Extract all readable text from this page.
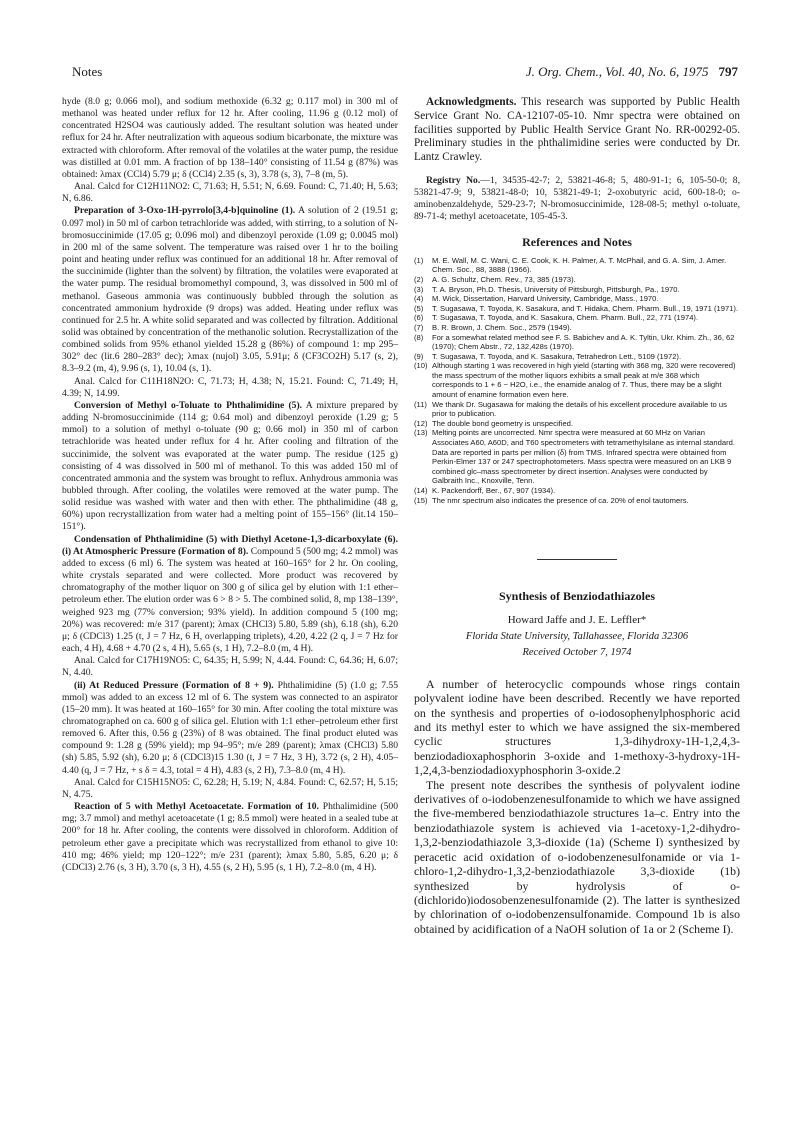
Notes	J. Org. Chem., Vol. 40, No. 6, 1975 797

hyde (8.0 g; 0.066 mol), and sodium methoxide (6.32 g; 0.117 mol) in 300 ml of methanol was heated under reflux for 12 hr. After cooling, 11.96 g (0.12 mol) of concentrated H2SO4 was cautiously added. The resultant solution was heated under reflux for 24 hr. After neutralization with aqueous sodium bicarbonate, the mixture was extracted with chloroform. After removal of the volatiles at the water pump, the residue was distilled at 0.01 mm. A fraction of bp 138–140° consisting of 11.54 g (87%) was obtained: λmax (CCl4) 5.79 μ; δ (CCl4) 2.35 (s, 3), 3.78 (s, 3), 7–8 (m, 5).

Anal. Calcd for C12H11NO2: C, 71.63; H, 5.51; N, 6.69. Found: C, 71.40; H, 5.63; N, 6.86.

Preparation of 3-Oxo-1H-pyrrolo[3,4-b]quinoline (1). A solution of 2 (19.51 g; 0.097 mol) in 50 ml of carbon tetrachloride was added, with stirring, to a solution of N-bromosuccinimide (17.05 g; 0.096 mol) and dibenzoyl peroxide (1.09 g; 0.0045 mol) in 200 ml of the same solvent. The temperature was raised over 1 hr to the boiling point and heating under reflux was continued for an additional 18 hr. After removal of the succinimide (lighter than the solvent) by filtration, the volatiles were evaporated at the water pump. The residual bromomethyl compound, 3, was dissolved in 500 ml of methanol. Gaseous ammonia was continuously bubbled through the solution as concentrated ammonium hydroxide (9 drops) was added. Heating under reflux was continued for 2.5 hr. A white solid separated and was collected by filtration. Additional solid was obtained by concentration of the methanolic solution. Recrystallization of the combined solids from 95% ethanol yielded 15.28 g (86%) of compound 1: mp 295–302° dec (lit.6 280–283° dec); λmax (nujol) 3.05, 5.91μ; δ (CF3CO2H) 5.17 (s, 2), 8.3–9.2 (m, 4), 9.96 (s, 1), 10.04 (s, 1).

Anal. Calcd for C11H18N2O: C, 71.73; H, 4.38; N, 15.21. Found: C, 71.49; H, 4.39; N, 14.99.

Conversion of Methyl o-Toluate to Phthalimidine (5). A mixture prepared by adding N-bromosuccinimide (114 g; 0.64 mol) and dibenzoyl peroxide (1.29 g; 5 mmol) to a solution of methyl o-toluate (90 g; 0.66 mol) in 350 ml of carbon tetrachloride was heated under reflux for 4 hr. After cooling and filtration of the succinimide, the solvent was evaporated at the water pump. The residue (125 g) consisting of 4 was dissolved in 500 ml of methanol. To this was added 150 ml of concentrated ammonia and the system was brought to reflux. Anhydrous ammonia was bubbled through. After cooling, the volatiles were removed at the water pump. The solid residue was washed with water and then with ether. The phthalimidine (48 g, 60%) upon recrystallization from water had a melting point of 155–156° (lit.14 150–151°).

Condensation of Phthalimidine (5) with Diethyl Acetone-1,3-dicarboxylate (6). (i) At Atmospheric Pressure (Formation of 8). Compound 5 (500 mg; 4.2 mmol) was added to excess (6 ml) 6. The system was heated at 160–165° for 2 hr. On cooling, white crystals separated and were collected. More product was recovered by chromatography of the mother liquor on 300 g of silica gel by elution with 1:1 ether–petroleum ether. The elution order was 6 > 8 > 5. The combined solid, 8, mp 138–139°, weighed 923 mg (77% conversion; 93% yield). In addition compound 5 (100 mg; 20%) was recovered: m/e 317 (parent); λmax (CHCl3) 5.80, 5.89 (sh), 6.18 (sh), 6.20 μ; δ (CDCl3) 1.25 (t, J = 7 Hz, 6 H, overlapping triplets), 4.20, 4.22 (2 q, J = 7 Hz for each, 4 H), 4.68 + 4.70 (2 s, 4 H), 5.65 (s, 1 H), 7.2–8.0 (m, 4 H).

Anal. Calcd for C17H19NO5: C, 64.35; H, 5.99; N, 4.44. Found: C, 64.36; H, 6.07; N, 4.40.

(ii) At Reduced Pressure (Formation of 8 + 9). Phthalimidine (5) (1.0 g; 7.55 mmol) was added to an excess 12 ml of 6. The system was connected to an aspirator (15–20 mm). It was heated at 160–165° for 30 min. After cooling the total mixture was chromatographed on ca. 600 g of silica gel. Elution with 1:1 ether–petroleum ether first removed 6. After this, 0.56 g (23%) of 8 was obtained. The final product eluted was compound 9: 1.28 g (59% yield); mp 94–95°; m/e 289 (parent); λmax (CHCl3) 5.80 (sh) 5.85, 5.92 (sh), 6.20 μ; δ (CDCl3)15 1.30 (t, J = 7 Hz, 3 H), 3.72 (s, 2 H), 4.05–4.40 (q, J = 7 Hz, + s δ = 4.3, total = 4 H), 4.83 (s, 2 H), 7.3–8.0 (m, 4 H).

Anal. Calcd for C15H15NO5: C, 62.28; H, 5.19; N, 4.84. Found: C, 62.57; H, 5.15; N, 4.75.

Reaction of 5 with Methyl Acetoacetate. Formation of 10. Phthalimidine (500 mg; 3.7 mmol) and methyl acetoacetate (1 g; 8.5 mmol) were heated in a sealed tube at 200° for 18 hr. After cooling, the contents were dissolved in chloroform. Addition of petroleum ether gave a precipitate which was recrystallized from ethanol to give 10: 410 mg; 46% yield; mp 120–122°; m/e 231 (parent); λmax 5.80, 5.85, 6.20 μ; δ (CDCl3) 2.76 (s, 3 H), 3.70 (s, 3 H), 4.55 (s, 2 H), 5.95 (s, 1 H), 7.2–8.0 (m, 4 H).

Acknowledgments. This research was supported by Public Health Service Grant No. CA-12107-05-10. Nmr spectra were obtained on facilities supported by Public Health Service Grant No. RR-00292-05. Preliminary studies in the phthalimidine series were conducted by Dr. Lantz Crawley.

Registry No.—1, 34535-42-7; 2, 53821-46-8; 5, 480-91-1; 6, 105-50-0; 8, 53821-47-9; 9, 53821-48-0; 10, 53821-49-1; 2-oxobutyric acid, 600-18-0; o-aminobenzaldehyde, 529-23-7; N-bromosuccinimide, 128-08-5; methyl o-toluate, 89-71-4; methyl acetoacetate, 105-45-3.

References and Notes
(1) M. E. Wall, M. C. Wani, C. E. Cook, K. H. Palmer, A. T. McPhail, and G. A. Sim, J. Amer. Chem. Soc., 88, 3888 (1966).
(2) A. G. Schultz, Chem. Rev., 73, 385 (1973).
(3) T. A. Bryson, Ph.D. Thesis, University of Pittsburgh, Pittsburgh, Pa., 1970.
(4) M. Wick, Dissertation, Harvard University, Cambridge, Mass., 1970.
(5) T. Sugasawa, T. Toyoda, K. Sasakura, and T. Hidaka, Chem. Pharm. Bull., 19, 1971 (1971).
(6) T. Sugasawa, T. Toyoda, and K. Sasakura, Chem. Pharm. Bull., 22, 771 (1974).
(7) B. R. Brown, J. Chem. Soc., 2579 (1949).
(8) For a somewhat related method see F. S. Babichev and A. K. Tyltin, Ukr. Khim. Zh., 36, 62 (1970); Chem Abstr., 72, 132,428s (1970).
(9) T. Sugasawa, T. Toyoda, and K. Sasakura, Tetrahedron Lett., 5109 (1972).
(10) Although starting 1 was recovered in high yield (starting with 368 mg, 320 were recovered) the mass spectrum of the mother liquors exhibits a small peak at m/e 368 which corresponds to 1 + 6 − H2O, i.e., the enamide analog of 7. Thus, there may be a slight amount of enamine formation even here.
(11) We thank Dr. Sugasawa for making the details of his excellent procedure available to us prior to publication.
(12) The double bond geometry is unspecified.
(13) Melting points are uncorrected. Nmr spectra were measured at 60 MHz on Varian Associates A60, A60D, and T60 spectrometers with tetramethylsilane as internal standard. Data are reported in parts per million (δ) from TMS. Infrared spectra were obtained from Perkin-Elmer 137 or 247 spectrophotometers. Mass spectra were measured on an LKB 9 combined glc–mass spectrometer by direct insertion. Analyses were conducted by Galbraith Inc., Knoxville, Tenn.
(14) K. Packendorff, Ber., 67, 907 (1934).
(15) The nmr spectrum also indicates the presence of ca. 20% of enol tautomers.
Synthesis of Benziodathiazoles
Howard Jaffe and J. E. Leffler*
Florida State University, Tallahassee, Florida 32306
Received October 7, 1974

A number of heterocyclic compounds whose rings contain polyvalent iodine have been described. Recently we have reported on the synthesis and properties of o-iodosophenylphosphoric acid and its methyl ester to which we have assigned the six-membered cyclic structures 1,3-dihydroxy-1H-1,2,4,3-benziodadioxaphosphorin 3-oxide and 1-methoxy-3-hydroxy-1H-1,2,4,3-benziodadioxyphosphorin 3-oxide.2

The present note describes the synthesis of polyvalent iodine derivatives of o-iodobenzenesulfonamide to which we have assigned the five-membered benziodathiazole structures 1a–c. Entry into the benziodathiazole system is achieved via 1-acetoxy-1,2-dihydro-1,3,2-benziodathiazole 3,3-dioxide (1a) (Scheme I) synthesized by peracetic acid oxidation of o-iodobenzenesulfonamide or via 1-chloro-1,2-dihydro-1,3,2-benziodathiazole 3,3-dioxide (1b) synthesized by hydrolysis of o-(dichlorido)iodosobenzenesulfonamide (2). The latter is synthesized by chlorination of o-iodobenzensulfonamide. Compound 1b is also obtained by acidification of a NaOH solution of 1a or 2 (Scheme I).
